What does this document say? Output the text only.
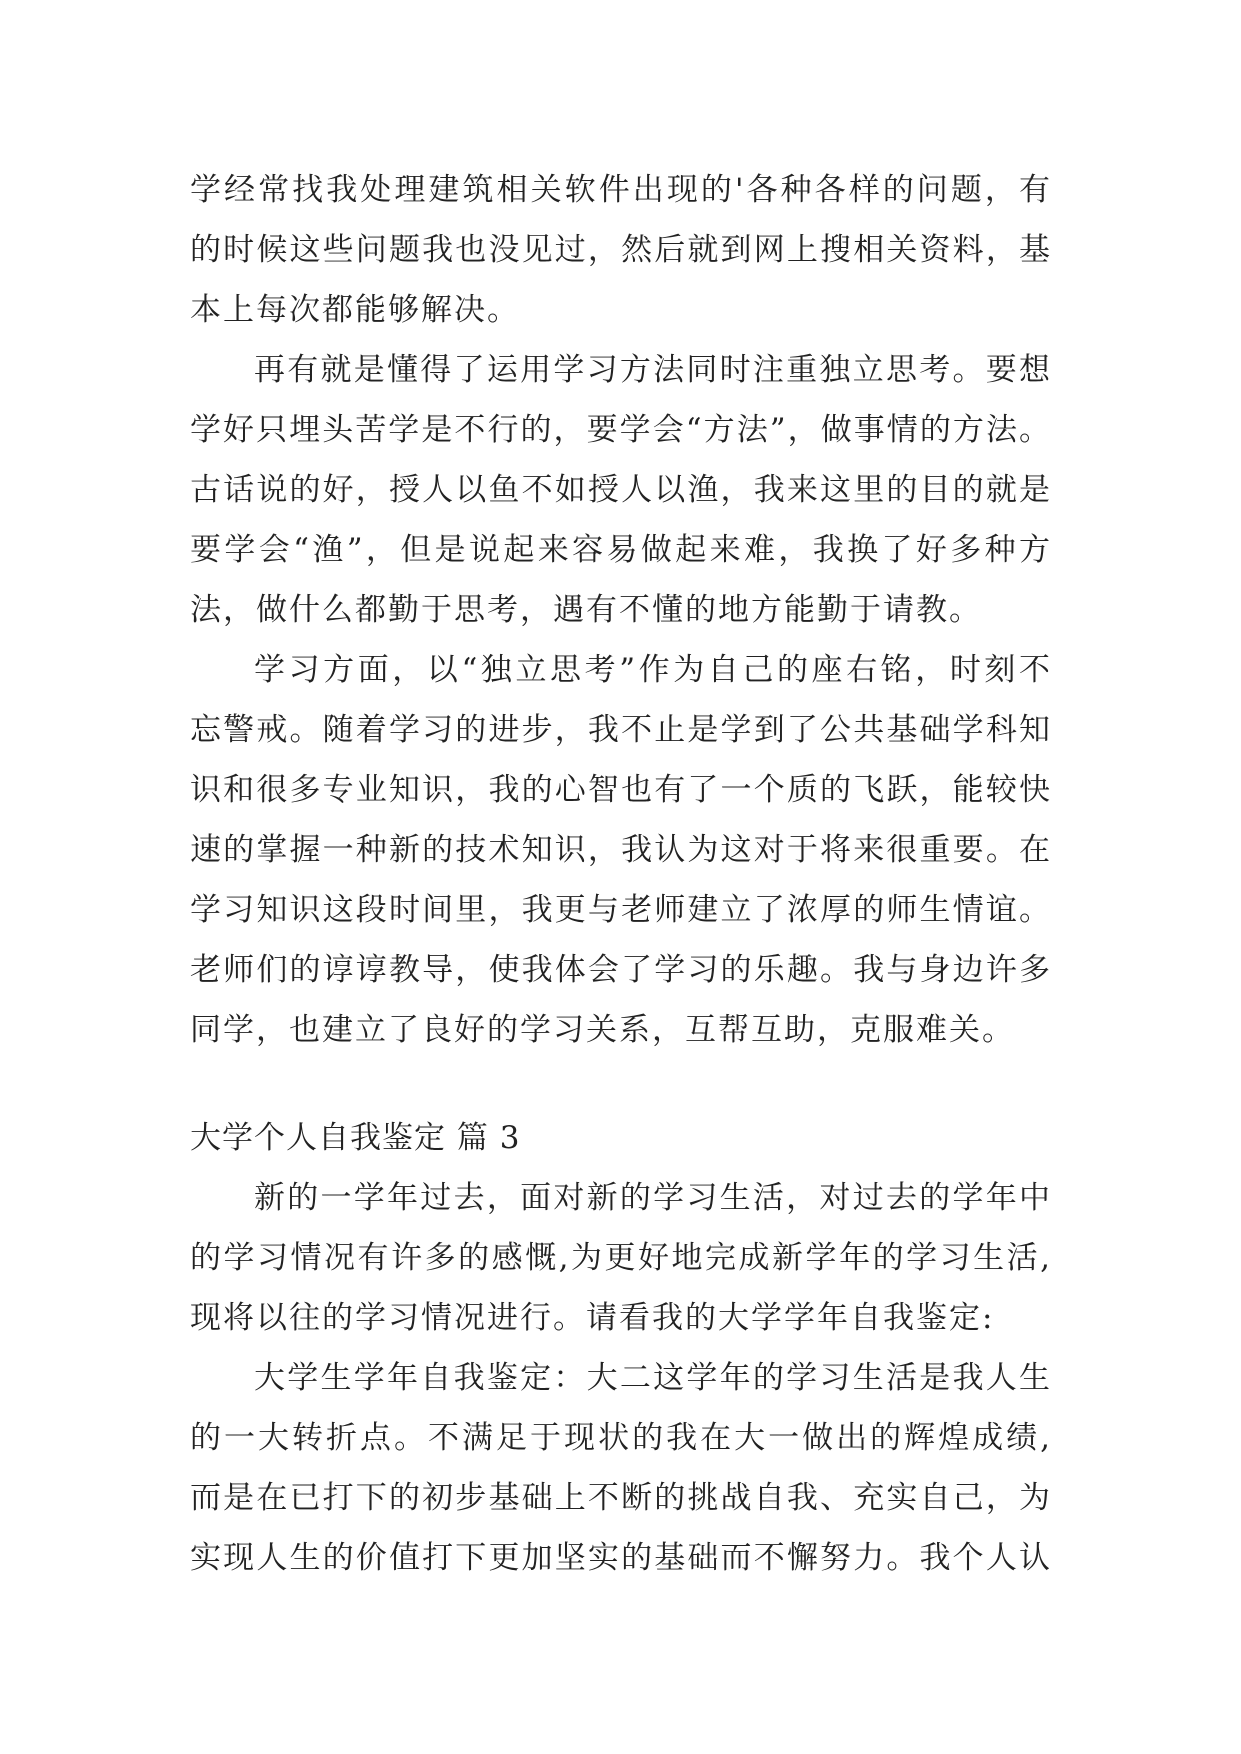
学经常找我处理建筑相关软件出现的'各种各样的问题，有
的时候这些问题我也没见过，然后就到网上搜相关资料，基
本上每次都能够解决。
再有就是懂得了运用学习方法同时注重独立思考。要想
学好只埋头苦学是不行的，要学会“方法”，做事情的方法。
古话说的好，授人以鱼不如授人以渔，我来这里的目的就是
要学会“渔”，但是说起来容易做起来难，我换了好多种方
法，做什么都勤于思考，遇有不懂的地方能勤于请教。
学习方面，以“独立思考”作为自己的座右铭，时刻不
忘警戒。随着学习的进步，我不止是学到了公共基础学科知
识和很多专业知识，我的心智也有了一个质的飞跃，能较快
速的掌握一种新的技术知识，我认为这对于将来很重要。在
学习知识这段时间里，我更与老师建立了浓厚的师生情谊。
老师们的谆谆教导，使我体会了学习的乐趣。我与身边许多
同学，也建立了良好的学习关系，互帮互助，克服难关。
大学个人自我鉴定 篇 3
新的一学年过去，面对新的学习生活，对过去的学年中
的学习情况有许多的感慨,为更好地完成新学年的学习生活,
现将以往的学习情况进行。请看我的大学学年自我鉴定:
大学生学年自我鉴定：大二这学年的学习生活是我人生
的一大转折点。不满足于现状的我在大一做出的辉煌成绩,
而是在已打下的初步基础上不断的挑战自我、充实自己，为
实现人生的价值打下更加坚实的基础而不懈努力。我个人认
